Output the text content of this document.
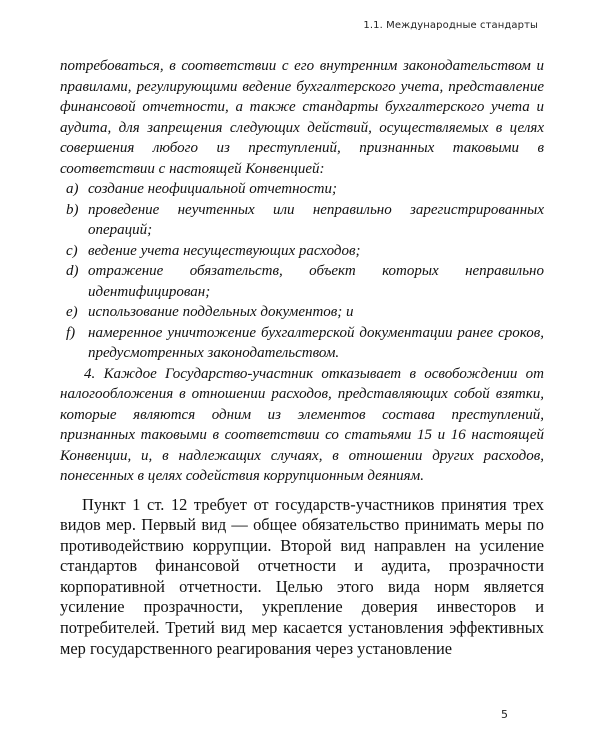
1.1. Международные стандарты

потребоваться, в соответствии с его внутренним законодательством и правилами, регулирующими ведение бухгалтерского учета, представление финансовой отчетности, а также стандарты бухгалтерского учета и аудита, для запрещения следующих действий, осуществляемых в целях совершения любого из преступлений, признанных таковыми в соответствии с настоящей Конвенцией:

a) создание неофициальной отчетности;
b) проведение неучтенных или неправильно зарегистрированных операций;
c) ведение учета несуществующих расходов;
d) отражение обязательств, объект которых неправильно идентифицирован;
e) использование поддельных документов; и
f) намеренное уничтожение бухгалтерской документации ранее сроков, предусмотренных законодательством.

4. Каждое Государство-участник отказывает в освобождении от налогообложения в отношении расходов, представляющих собой взятки, которые являются одним из элементов состава преступлений, признанных таковыми в соответствии со статьями 15 и 16 настоящей Конвенции, и, в надлежащих случаях, в отношении других расходов, понесенных в целях содействия коррупционным деяниям.

Пункт 1 ст. 12 требует от государств-участников принятия трех видов мер. Первый вид — общее обязательство принимать меры по противодействию коррупции. Второй вид направлен на усиление стандартов финансовой отчетности и аудита, прозрачности корпоративной отчетности. Целью этого вида норм является усиление прозрачности, укрепление доверия инвесторов и потребителей. Третий вид мер касается установления эффективных мер государственного реагирования через установление

5
